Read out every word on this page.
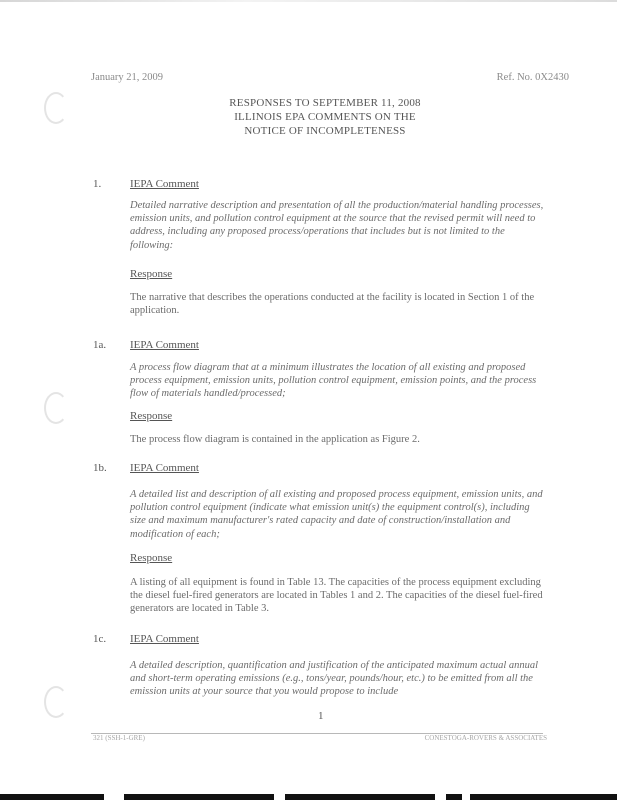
January 21, 2009	Ref. No. 0X2430
RESPONSES TO SEPTEMBER 11, 2008
ILLINOIS EPA COMMENTS ON THE
NOTICE OF INCOMPLETENESS
1.	IEPA Comment
Detailed narrative description and presentation of all the production/material handling processes, emission units, and pollution control equipment at the source that the revised permit will need to address, including any proposed process/operations that includes but is not limited to the following:
Response
The narrative that describes the operations conducted at the facility is located in Section 1 of the application.
1a. IEPA Comment
A process flow diagram that at a minimum illustrates the location of all existing and proposed process equipment, emission units, pollution control equipment, emission points, and the process flow of materials handled/processed;
Response
The process flow diagram is contained in the application as Figure 2.
1b. IEPA Comment
A detailed list and description of all existing and proposed process equipment, emission units, and pollution control equipment (indicate what emission unit(s) the equipment control(s), including size and maximum manufacturer's rated capacity and date of construction/installation and modification of each;
Response
A listing of all equipment is found in Table 13. The capacities of the process equipment excluding the diesel fuel-fired generators are located in Tables 1 and 2. The capacities of the diesel fuel-fired generators are located in Table 3.
1c. IEPA Comment
A detailed description, quantification and justification of the anticipated maximum actual annual and short-term operating emissions (e.g., tons/year, pounds/hour, etc.) to be emitted from all the emission units at your source that you would propose to include
1
321 (SSH-1-GRE)	CONESTOGA-ROVERS & ASSOCIATES
